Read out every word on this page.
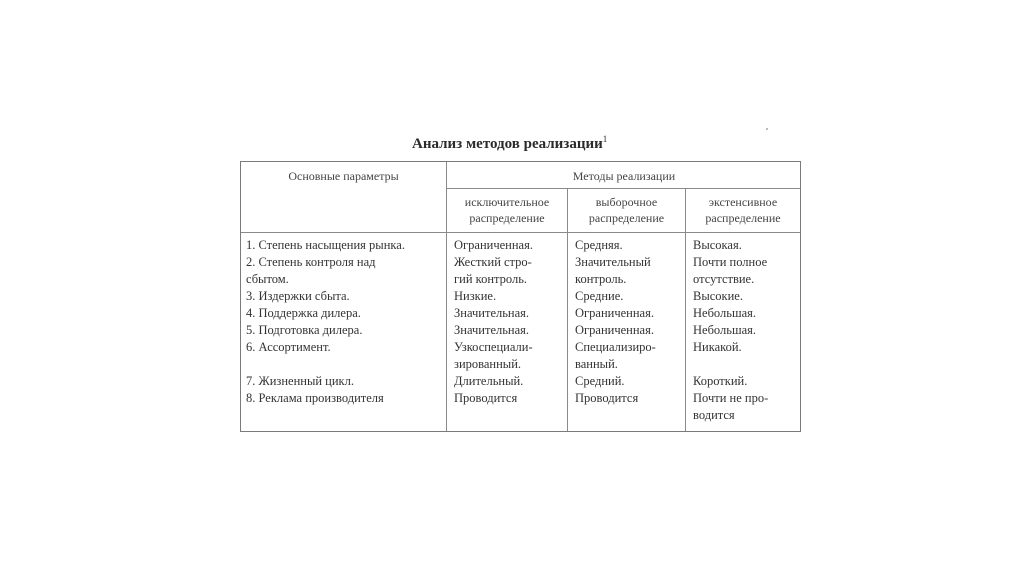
Анализ методов реализации$^1$
Основные параметры	Методы реализации
исключительное
распределение
выборочное
распределение
экстенсивное
распределение
1. Степень насыщения рынка.
2. Степень контроля над
сбытом.
3. Издержки сбыта.
4. Поддержка дилера.
5. Подготовка дилера.
6. Ассортимент.
7. Жизненный цикл.
8. Реклама производителя
Ограниченная.
Жесткий стро-
гий контроль.
Низкие.
Значительная.
Значительная.
Узкоспециали-
зированный.
Длительный.
Проводится
Средняя.
Значительный
контроль.
Средние.
Ограниченная.
Ограниченная.
Специализиро-
ванный.
Средний.
Проводится
Высокая.
Почти полное
отсутствие.
Высокие.
Небольшая.
Небольшая.
Никакой.
Короткий.
Почти не про-
водится
